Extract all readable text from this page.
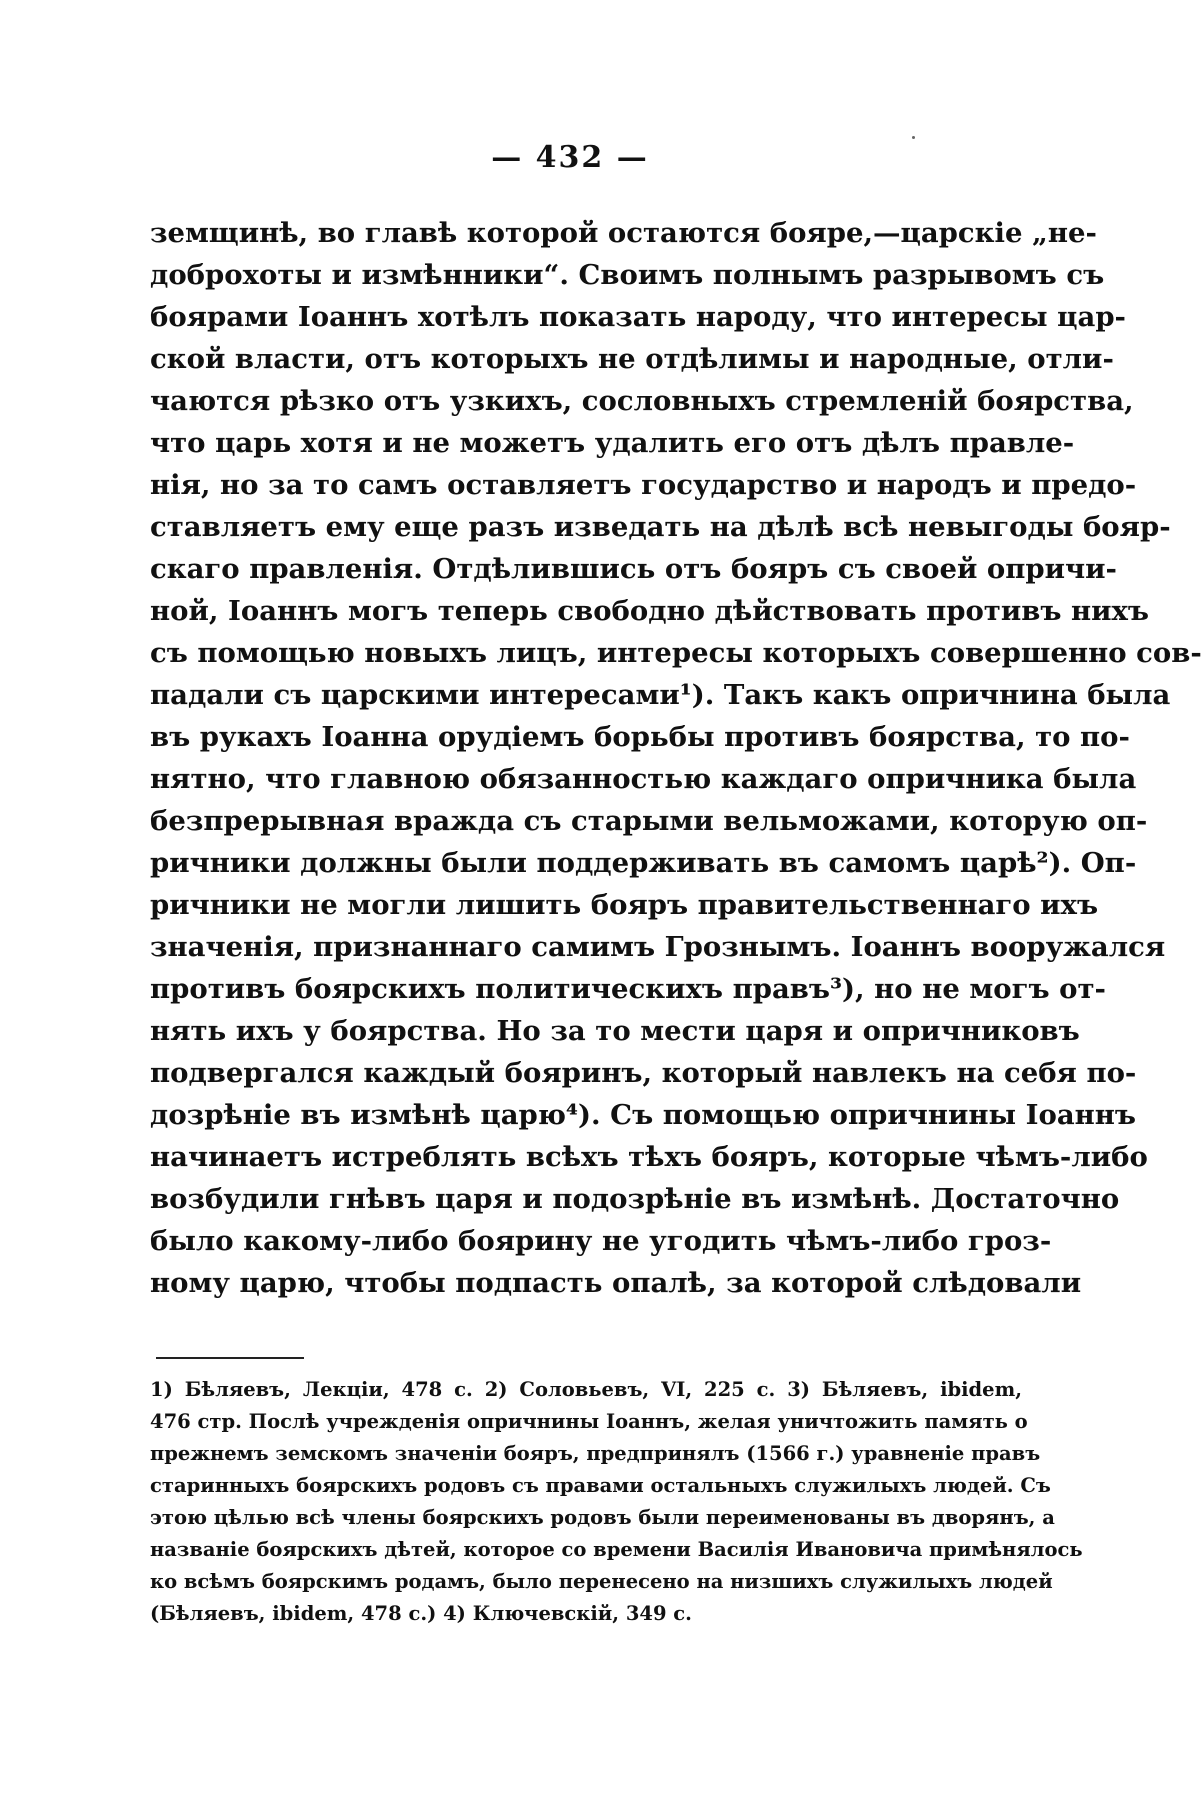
— 432 —
земщинѣ, во главѣ которой остаются бояре,—царскіе „не-
доброхоты и измѣнники“. Своимъ полнымъ разрывомъ съ
боярами Іоаннъ хотѣлъ показать народу, что интересы цар-
ской власти, отъ которыхъ не отдѣлимы и народные, отли-
чаются рѣзко отъ узкихъ, сословныхъ стремленій боярства,
что царь хотя и не можетъ удалить его отъ дѣлъ правле-
нія, но за то самъ оставляетъ государство и народъ и предо-
ставляетъ ему еще разъ изведать на дѣлѣ всѣ невыгоды бояр-
скаго правленія. Отдѣлившись отъ бояръ съ своей опричи-
ной, Іоаннъ могъ теперь свободно дѣйствовать противъ нихъ
съ помощью новыхъ лицъ, интересы которыхъ совершенно сов-
падали съ царскими интересами¹). Такъ какъ опричнина была
въ рукахъ Іоанна орудіемъ борьбы противъ боярства, то по-
нятно, что главною обязанностью каждаго опричника была
безпрерывная вражда съ старыми вельможами, которую оп-
ричники должны были поддерживать въ самомъ царѣ²). Оп-
ричники не могли лишить бояръ правительственнаго ихъ
значенія, признаннаго самимъ Грознымъ. Іоаннъ вооружался
противъ боярскихъ политическихъ правъ³), но не могъ от-
нять ихъ у боярства. Но за то мести царя и опричниковъ
подвергался каждый бояринъ, который навлекъ на себя по-
дозрѣніе въ измѣнѣ царю⁴). Съ помощью опричнины Іоаннъ
начинаетъ истреблять всѣхъ тѣхъ бояръ, которые чѣмъ-либо
возбудили гнѣвъ царя и подозрѣніе въ измѣнѣ. Достаточно
было какому-либо боярину не угодить чѣмъ-либо гроз-
ному царю, чтобы подпасть опалѣ, за которой слѣдовали
1) Бѣляевъ, Лекціи, 478 с. 2) Соловьевъ, VI, 225 с. 3) Бѣляевъ, ibidem,
476 стр. Послѣ учрежденія опричнины Іоаннъ, желая уничтожить память о
прежнемъ земскомъ значеніи бояръ, предпринялъ (1566 г.) уравненіе правъ
старинныхъ боярскихъ родовъ съ правами остальныхъ служилыхъ людей. Съ
этою цѣлью всѣ члены боярскихъ родовъ были переименованы въ дворянъ, а
названіе боярскихъ дѣтей, которое со времени Василія Ивановича примѣнялось
ко всѣмъ боярскимъ родамъ, было перенесено на низшихъ служилыхъ людей
(Бѣляевъ, ibidem, 478 с.) 4) Ключевскій, 349 с.
